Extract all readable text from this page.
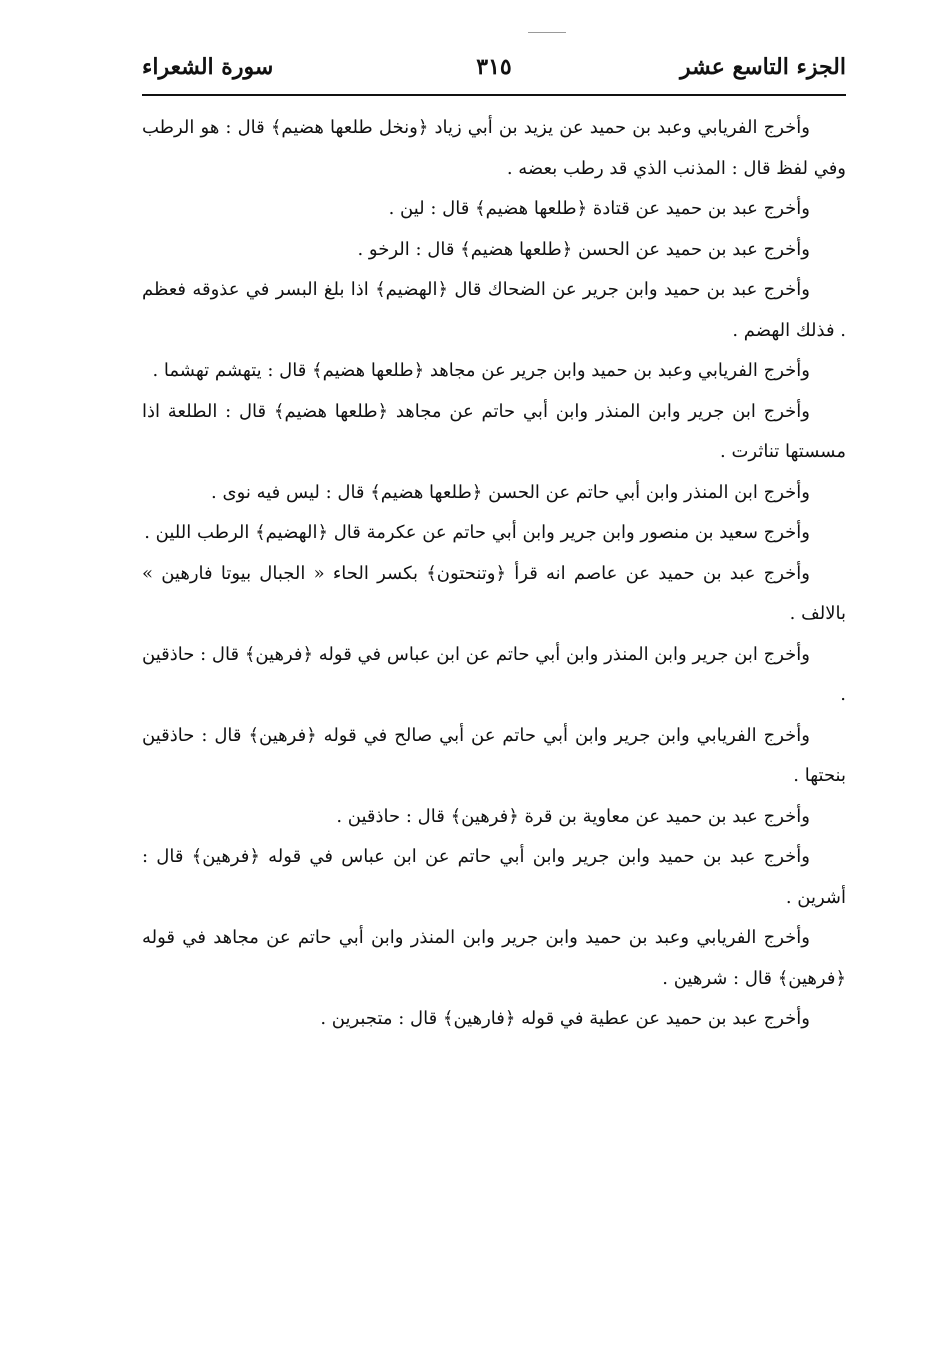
الجزء التاسع عشر
٣١٥
سورة الشعراء

وأخرج الفريابي وعبد بن حميد عن يزيد بن أبي زياد ﴿ونخل طلعها هضيم﴾ قال : هو الرطب وفي لفظ قال : المذنب الذي قد رطب بعضه .

وأخرج عبد بن حميد عن قتادة ﴿طلعها هضيم﴾ قال : لين .

وأخرج عبد بن حميد عن الحسن ﴿طلعها هضيم﴾ قال : الرخو .

وأخرج عبد بن حميد وابن جرير عن الضحاك قال ﴿الهضيم﴾ اذا بلغ البسر في عذوقه فعظم . فذلك الهضم .

وأخرج الفريابي وعبد بن حميد وابن جرير عن مجاهد ﴿طلعها هضيم﴾ قال : يتهشم تهشما .

وأخرج ابن جرير وابن المنذر وابن أبي حاتم عن مجاهد ﴿طلعها هضيم﴾ قال : الطلعة اذا مسستها تناثرت .

وأخرج ابن المنذر وابن أبي حاتم عن الحسن ﴿طلعها هضيم﴾ قال : ليس فيه نوى .

وأخرج سعيد بن منصور وابن جرير وابن أبي حاتم عن عكرمة قال ﴿الهضيم﴾ الرطب اللين .

وأخرج عبد بن حميد عن عاصم انه قرأ ﴿وتنحتون﴾ بكسر الحاء « الجبال بيوتا فارهين » بالالف .

وأخرج ابن جرير وابن المنذر وابن أبي حاتم عن ابن عباس في قوله ﴿فرهين﴾ قال : حاذقين .

وأخرج الفريابي وابن جرير وابن أبي حاتم عن أبي صالح في قوله ﴿فرهين﴾ قال : حاذقين بنحتها .

وأخرج عبد بن حميد عن معاوية بن قرة ﴿فرهين﴾ قال : حاذقين .

وأخرج عبد بن حميد وابن جرير وابن أبي حاتم عن ابن عباس في قوله ﴿فرهين﴾ قال : أشرين .

وأخرج الفريابي وعبد بن حميد وابن جرير وابن المنذر وابن أبي حاتم عن مجاهد في قوله ﴿فرهين﴾ قال : شرهين .

وأخرج عبد بن حميد عن عطية في قوله ﴿فارهين﴾ قال : متجبرين .
